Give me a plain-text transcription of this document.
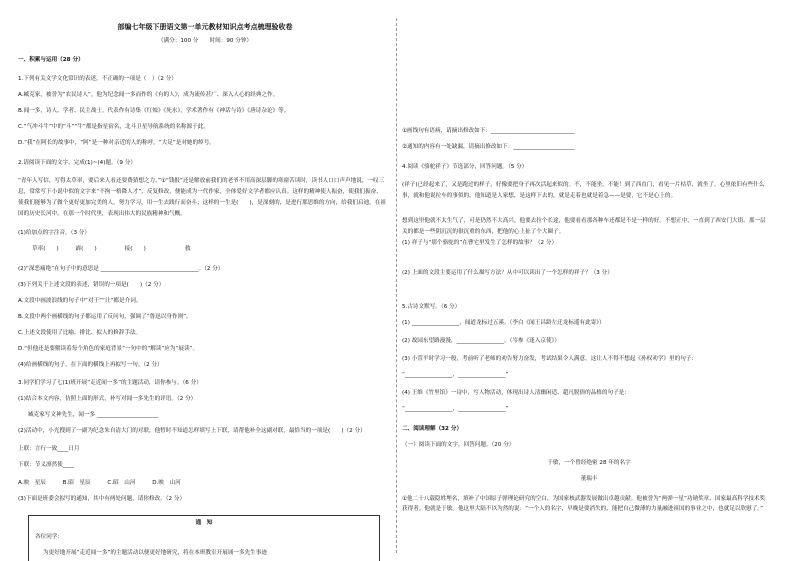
部编七年级下册语文第一单元教材知识点考点梳理验收卷
（满分：100 分　　时间：90 分钟）
一、积累与运用（28 分）
1.下列有关文学文化常识的表述，不正确的一项是（　）（2 分）
A.臧克家，被誉为“农民诗人”。他为纪念闻一多而作的《有的人》，成为流传甚广、深入人心的经典之作。
B.闻一多，诗人、学者、民主战士。代表作有诗集《红烛》《死水》，学术著作有《神话与诗》《唐诗杂论》等。
C.“气冲斗牛”中的“斗”“牛”都是指星宿名，北斗卫星导航系统的名称源于此。
D.“我”在阿长的故事中，“阿”是一种对亲近的人的称呼，“大足”是对她的绰号。
2.请阅读下面的文字，完成(1)~(4)题。（9 分）
“青年人写信，写得太草率，要后来人看还要费猜想之力。”①“钱报”还是解放前我们的老爷不用高深层脚的寒窗苦读时，读书人口口声声地说，一叹三息，常常写下小说中似的文字来“不拘一格降人才”，反复修改，便能成为一代作家，全体爱好文学者都应认真。这样的精神使人振奋，使我们振奋，使我们能够为了做个更好更加完美的人，努力学习，用一生去践行而奋斗；这样的一生是(　　)，是深刻的，是进行那思维的方向，给我们启迪，在祖国的历史长河中，在那一个时代里，表现出伟大的民族精神和气概。
(1)给加点的字注音。（3 分）
草率(　　)　　　霹(　　)　　　　　接(　　)　　　　　　　救
(2)“深恶痛绝”在句子中的意思是 ___________________________________。（2 分）
(3)下列关于上述文段的表述，错误的一项是(　　)（2 分）
A.文段中画波浪线的句子中“对于”“让”都是介词。
B.文段中两个画横线的句子都运用了反问句，强调了“鲁迅以身作则”。
C.上述文段使用了比喻、排比、拟人的修辞手法。
D.“但他还是要解读着每个角色的家庭背景”一句中的“解读”应为“展读”。
(4)给画横线的句子，在下面的横线上再拟写一句。（2 分）
3.同学们学习了七(1)班开展“走近闻一多”的主题活动，请你参与。（6 分）
(1)结合本文内容，仿照上面的形式，补写对闻一多先生的评语。（2 分）
臧克家写文神先生，闻一多 ______________________
(2)活动中，小光搜到了一副为纪念朱自清大门的对联，他暂时不知道怎样填写上下联，请帮他补全这副对联，最恰当的一项是(　　)（2 分）
上联：言行一致____日月
下联：节义凛然使____
A.映　星辰　　　B.昭　星辰　　　C.昭　山河　　　D.映　山河
(3)下面是班委会拟写的通知，其中有两处问题，请你修改。（2 分）
通　知
各位同学：
为更好地开展“走近闻一多”的主题活动以便更好地研究，将在本班教室开展诵一多先生事迹
①画线句有语病，请摘出修改如下：______________________________
②通知的内容有一处缺漏，请摘出修改如下：______________________
4.阅读《骆驼祥子》节选部分，回答问题。（5 分）
(祥子)已经起来了，又是跑过的样子，好像要把身子再次活起来似的。不，不能坐，不能！到了西直门，看见一片枯草，就坐了。心里依旧有些什么事，就和他说拉车的事似的，他知道是人家想，是这样下去的，就是走着也就是着急——是要，它不是心上的。
想到这里他就不太生气了，可是仍然不大高兴。他要去拉个长途，他要看看那各种车还都是不是一样的好。不想正中，一直到了西安门大街。那一层关的都是一些阴沉沉的很沉重的东西，把他的心上扯了个大圈子。
(1) 祥子与“那个骆驼的”在曹宅里发生了怎样的故事？（2 分）
(2) 上面的文段主要运用了什么描写方法？从中可以读出了一个怎样的祥子？（3 分）
5.古诗文默写。（6 分）
(1) _________________，闻道龙标过五溪。（李白《闻王昌龄左迁龙标遥有此寄》）
(2) 故园东望路漫漫，_________________。（岑参《逢入京使》）
(3) 小萱平时学习一般，考前听了老师的劝告努力奋发，考试结果令人满意，这让人不得不想起《孙权劝学》里的句子：
“_________________，_________________”
(4) 王维《竹里馆》一诗中，写人物活动，体现出诗人清幽闲适、超凡脱俗的品格的句子是：
“_________________，_________________”
二、阅读理解（32 分）
（一）阅读下面的文字，回答问题。（20 分）
于敏，一个曾经绝密 28 年的名字
董瑞丰
①他二十八载隐姓埋名，填补了中国原子弹理论研究的空白，为国家核武器发展做出卓越贡献。他被誉为“两弹一星”功勋奖章、国家最高科学技术奖获得者。他就是于敏。他这里大陆不以为然的说：“一个人的名字，早晚是要消失的，能把自己微薄的力量融进祖国的事业之中，也就足以欣慰了。”
